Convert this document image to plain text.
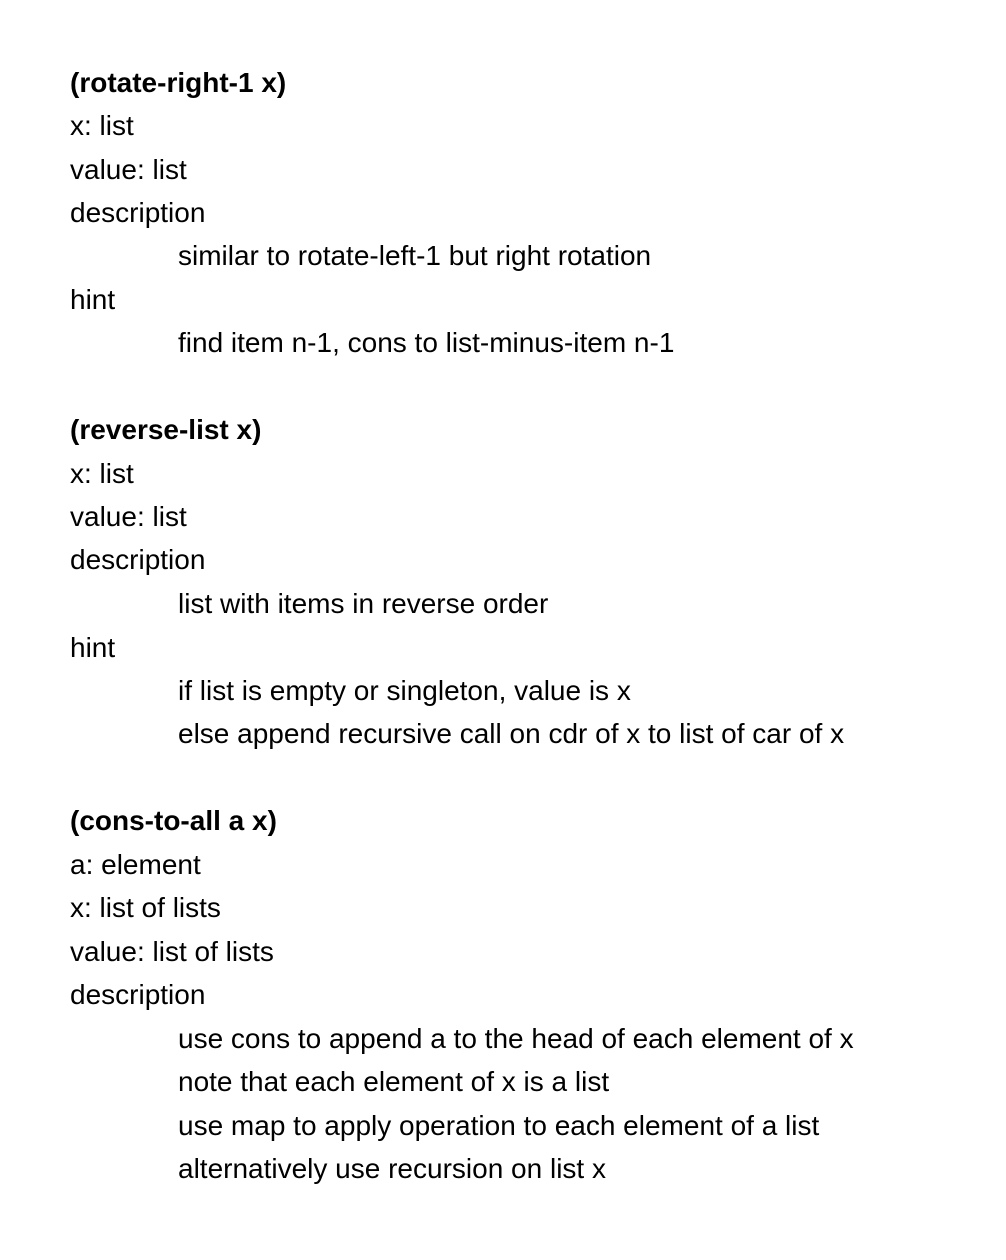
(rotate-right-1 x)
x: list
value: list
description
similar to rotate-left-1 but right rotation
hint
find item n-1, cons to list-minus-item n-1
(reverse-list x)
x: list
value: list
description
list with items in reverse order
hint
if list is empty or singleton, value is x
else append recursive call on cdr of x to list of car of x
(cons-to-all a x)
a: element
x: list of lists
value: list of lists
description
use cons to append a to the head of each element of x
note that each element of x is a list
use map to apply operation to each element of a list
alternatively use recursion on list x
